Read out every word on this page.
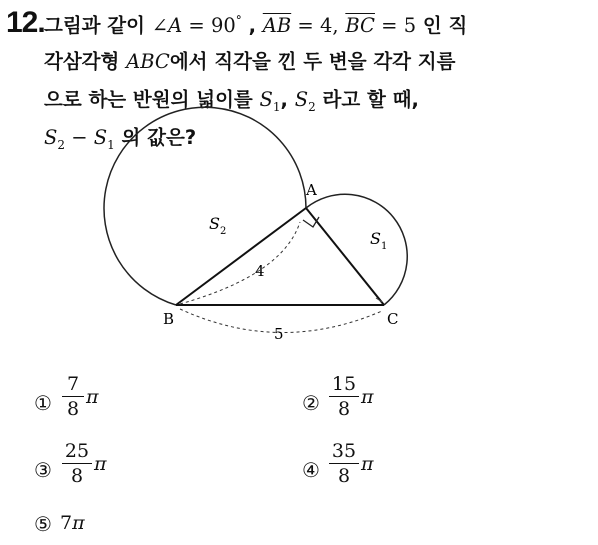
12. 그림과 같이 ∠A = 90° , $\overline{AB} = 4$, $\overline{BC} = 5$ 인 직
각삼각형 ABC에서 직각을 낀 두 변을 각각 지름
으로 하는 반원의 넓이를 $S_1$, $S_2$ 라고 할 때,
$S_2 - S_1$ 의 값은?
A
B	C
S 2	S 1
4
5
① $\frac{7}{8}$ π	② $\frac{15}{8}$ π
③ $\frac{25}{8}$ π	④ $\frac{35}{8}$ π
⑤ 7π
